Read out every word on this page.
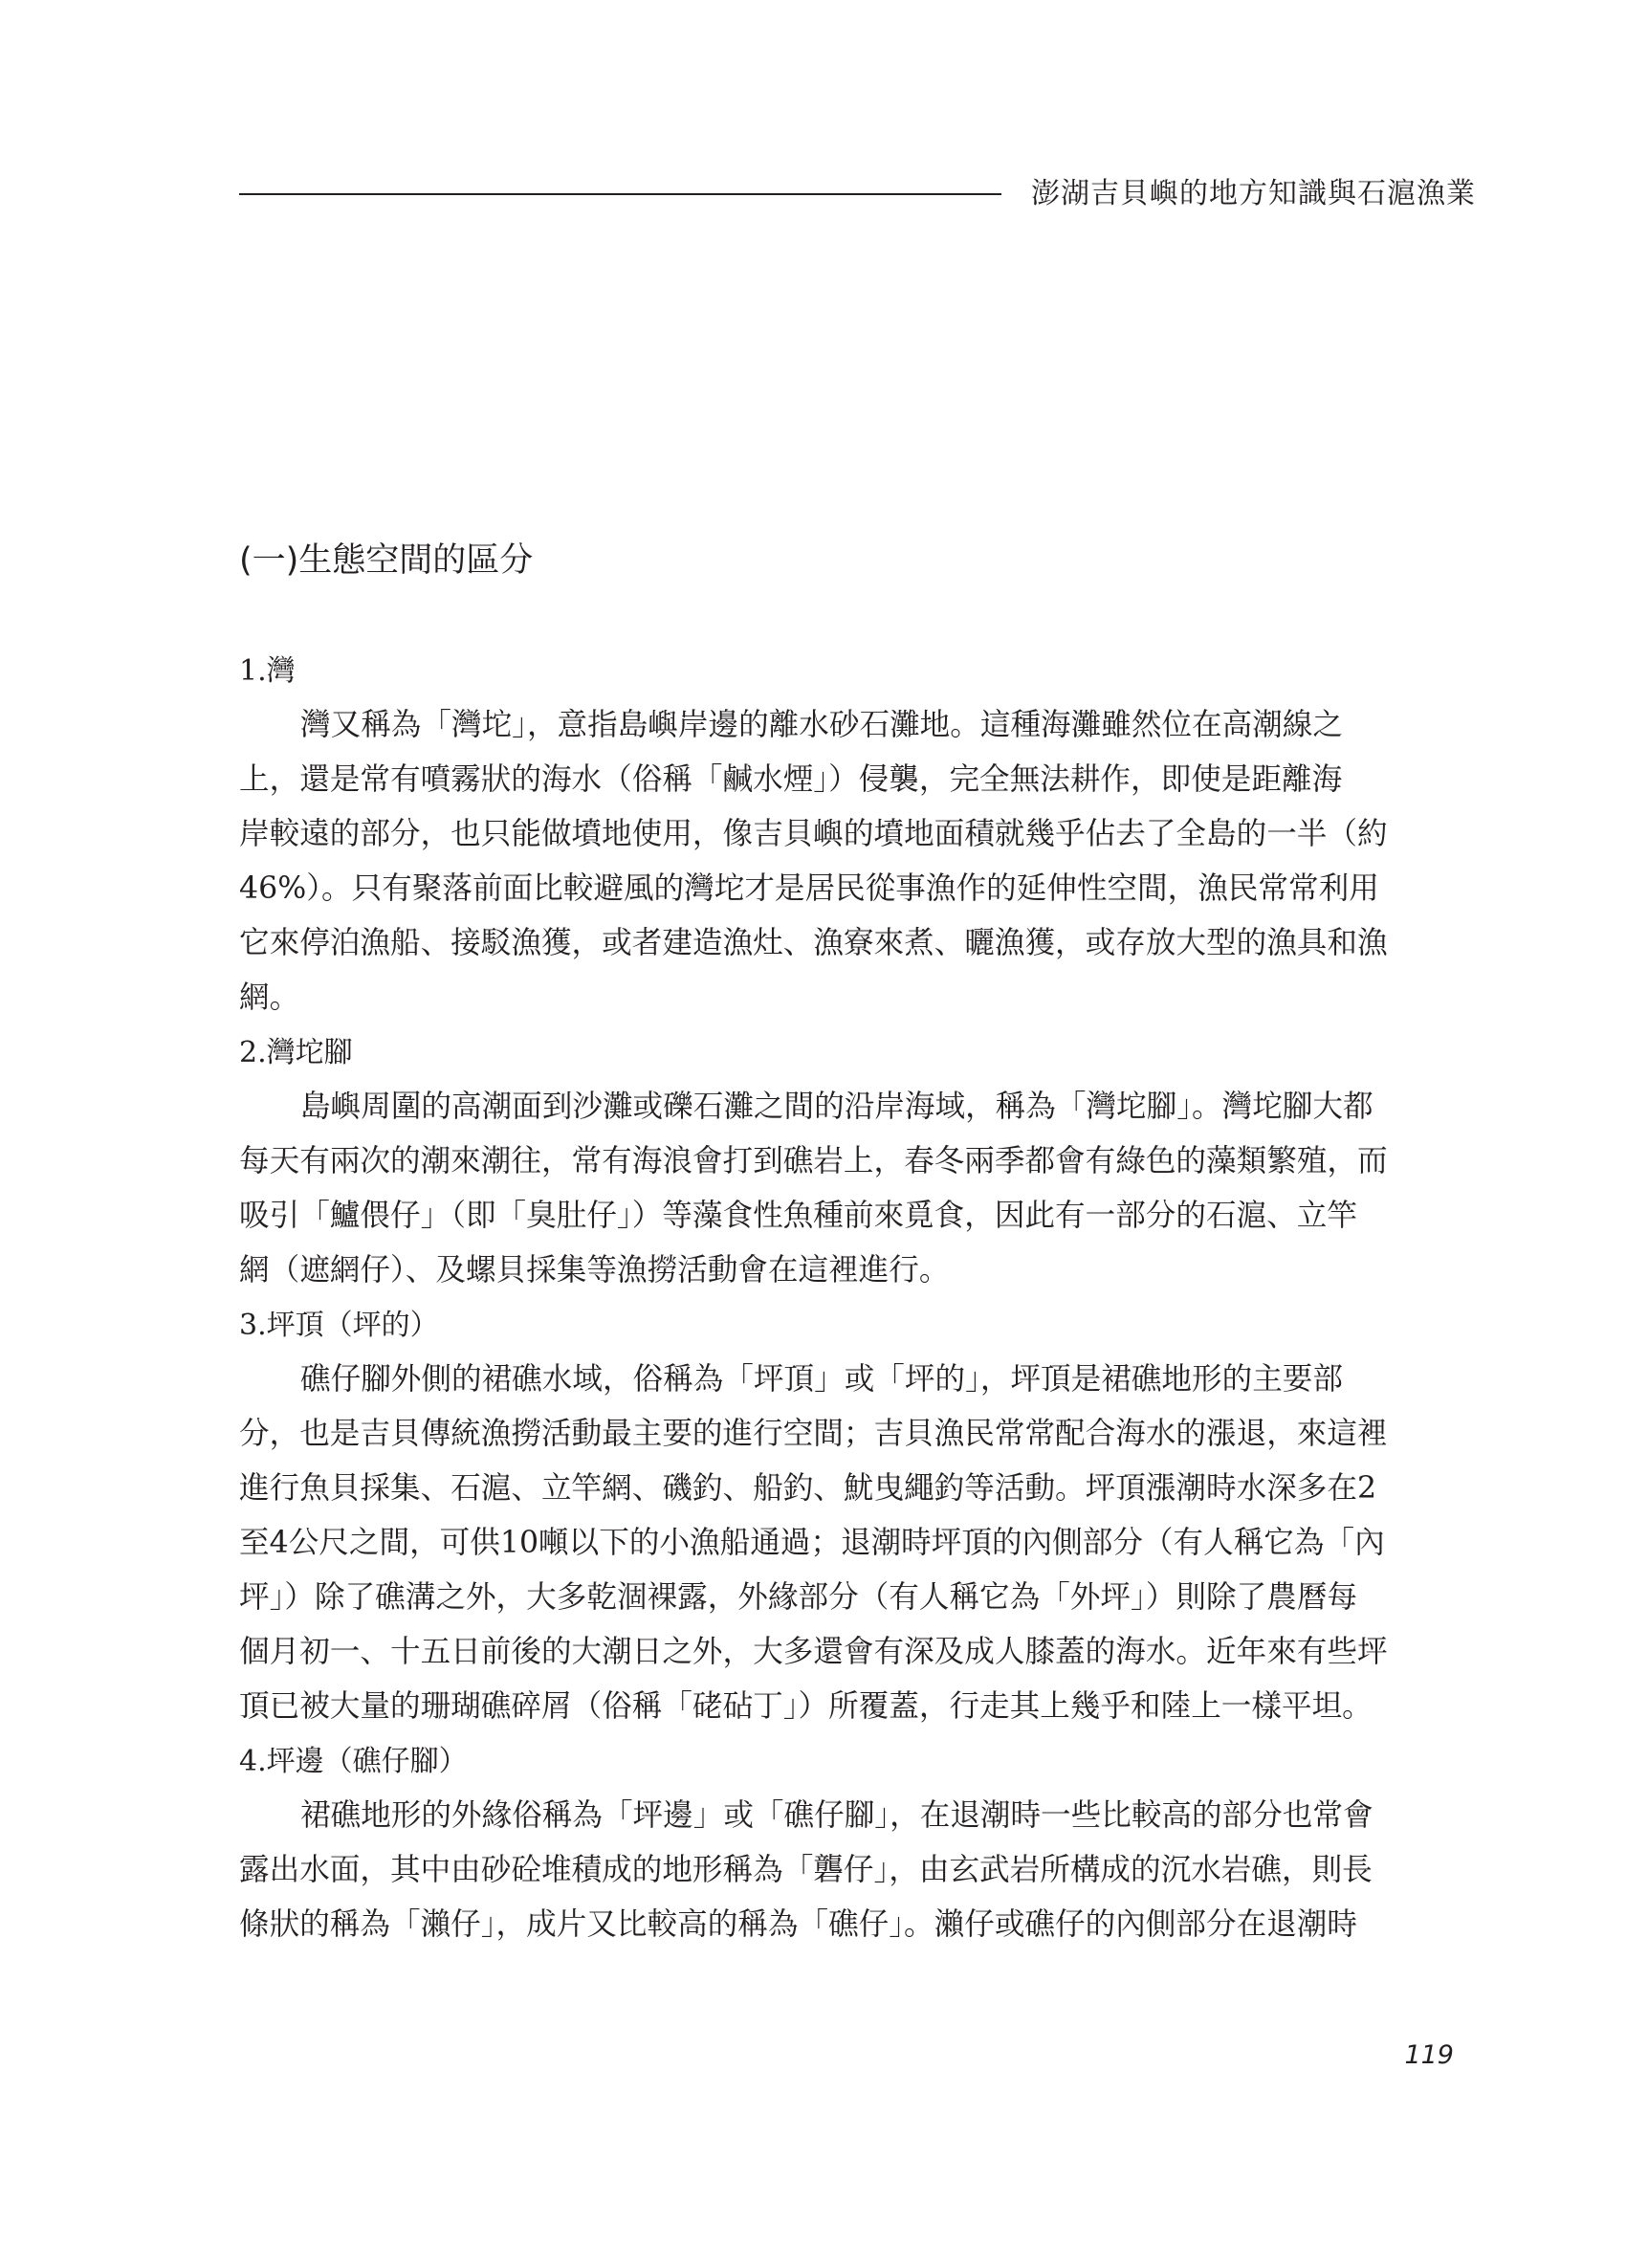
澎湖吉貝嶼的地方知識與石滬漁業
(一)生態空間的區分
1.灣
灣又稱為「灣坨」，意指島嶼岸邊的離水砂石灘地。這種海灘雖然位在高潮線之
上，還是常有噴霧狀的海水（俗稱「鹹水煙」）侵襲，完全無法耕作，即使是距離海
岸較遠的部分，也只能做墳地使用，像吉貝嶼的墳地面積就幾乎佔去了全島的一半（約
46%）。只有聚落前面比較避風的灣坨才是居民從事漁作的延伸性空間，漁民常常利用
它來停泊漁船、接駁漁獲，或者建造漁灶、漁寮來煮、曬漁獲，或存放大型的漁具和漁
網。
2.灣坨腳
島嶼周圍的高潮面到沙灘或礫石灘之間的沿岸海域，稱為「灣坨腳」。灣坨腳大都
每天有兩次的潮來潮往，常有海浪會打到礁岩上，春冬兩季都會有綠色的藻類繁殖，而
吸引「鱸偎仔」（即「臭肚仔」）等藻食性魚種前來覓食，因此有一部分的石滬、立竿
網（遮網仔）、及螺貝採集等漁撈活動會在這裡進行。
3.坪頂（坪的）
礁仔腳外側的裙礁水域，俗稱為「坪頂」或「坪的」，坪頂是裙礁地形的主要部
分，也是吉貝傳統漁撈活動最主要的進行空間；吉貝漁民常常配合海水的漲退，來這裡
進行魚貝採集、石滬、立竿網、磯釣、船釣、魷曳繩釣等活動。坪頂漲潮時水深多在2
至4公尺之間，可供10噸以下的小漁船通過；退潮時坪頂的內側部分（有人稱它為「內
坪」）除了礁溝之外，大多乾涸裸露，外緣部分（有人稱它為「外坪」）則除了農曆每
個月初一、十五日前後的大潮日之外，大多還會有深及成人膝蓋的海水。近年來有些坪
頂已被大量的珊瑚礁碎屑（俗稱「硓砧丁」）所覆蓋，行走其上幾乎和陸上一樣平坦。
4.坪邊（礁仔腳）
裙礁地形的外緣俗稱為「坪邊」或「礁仔腳」，在退潮時一些比較高的部分也常會
露出水面，其中由砂砼堆積成的地形稱為「礱仔」，由玄武岩所構成的沉水岩礁，則長
條狀的稱為「瀨仔」，成片又比較高的稱為「礁仔」。瀨仔或礁仔的內側部分在退潮時
119
